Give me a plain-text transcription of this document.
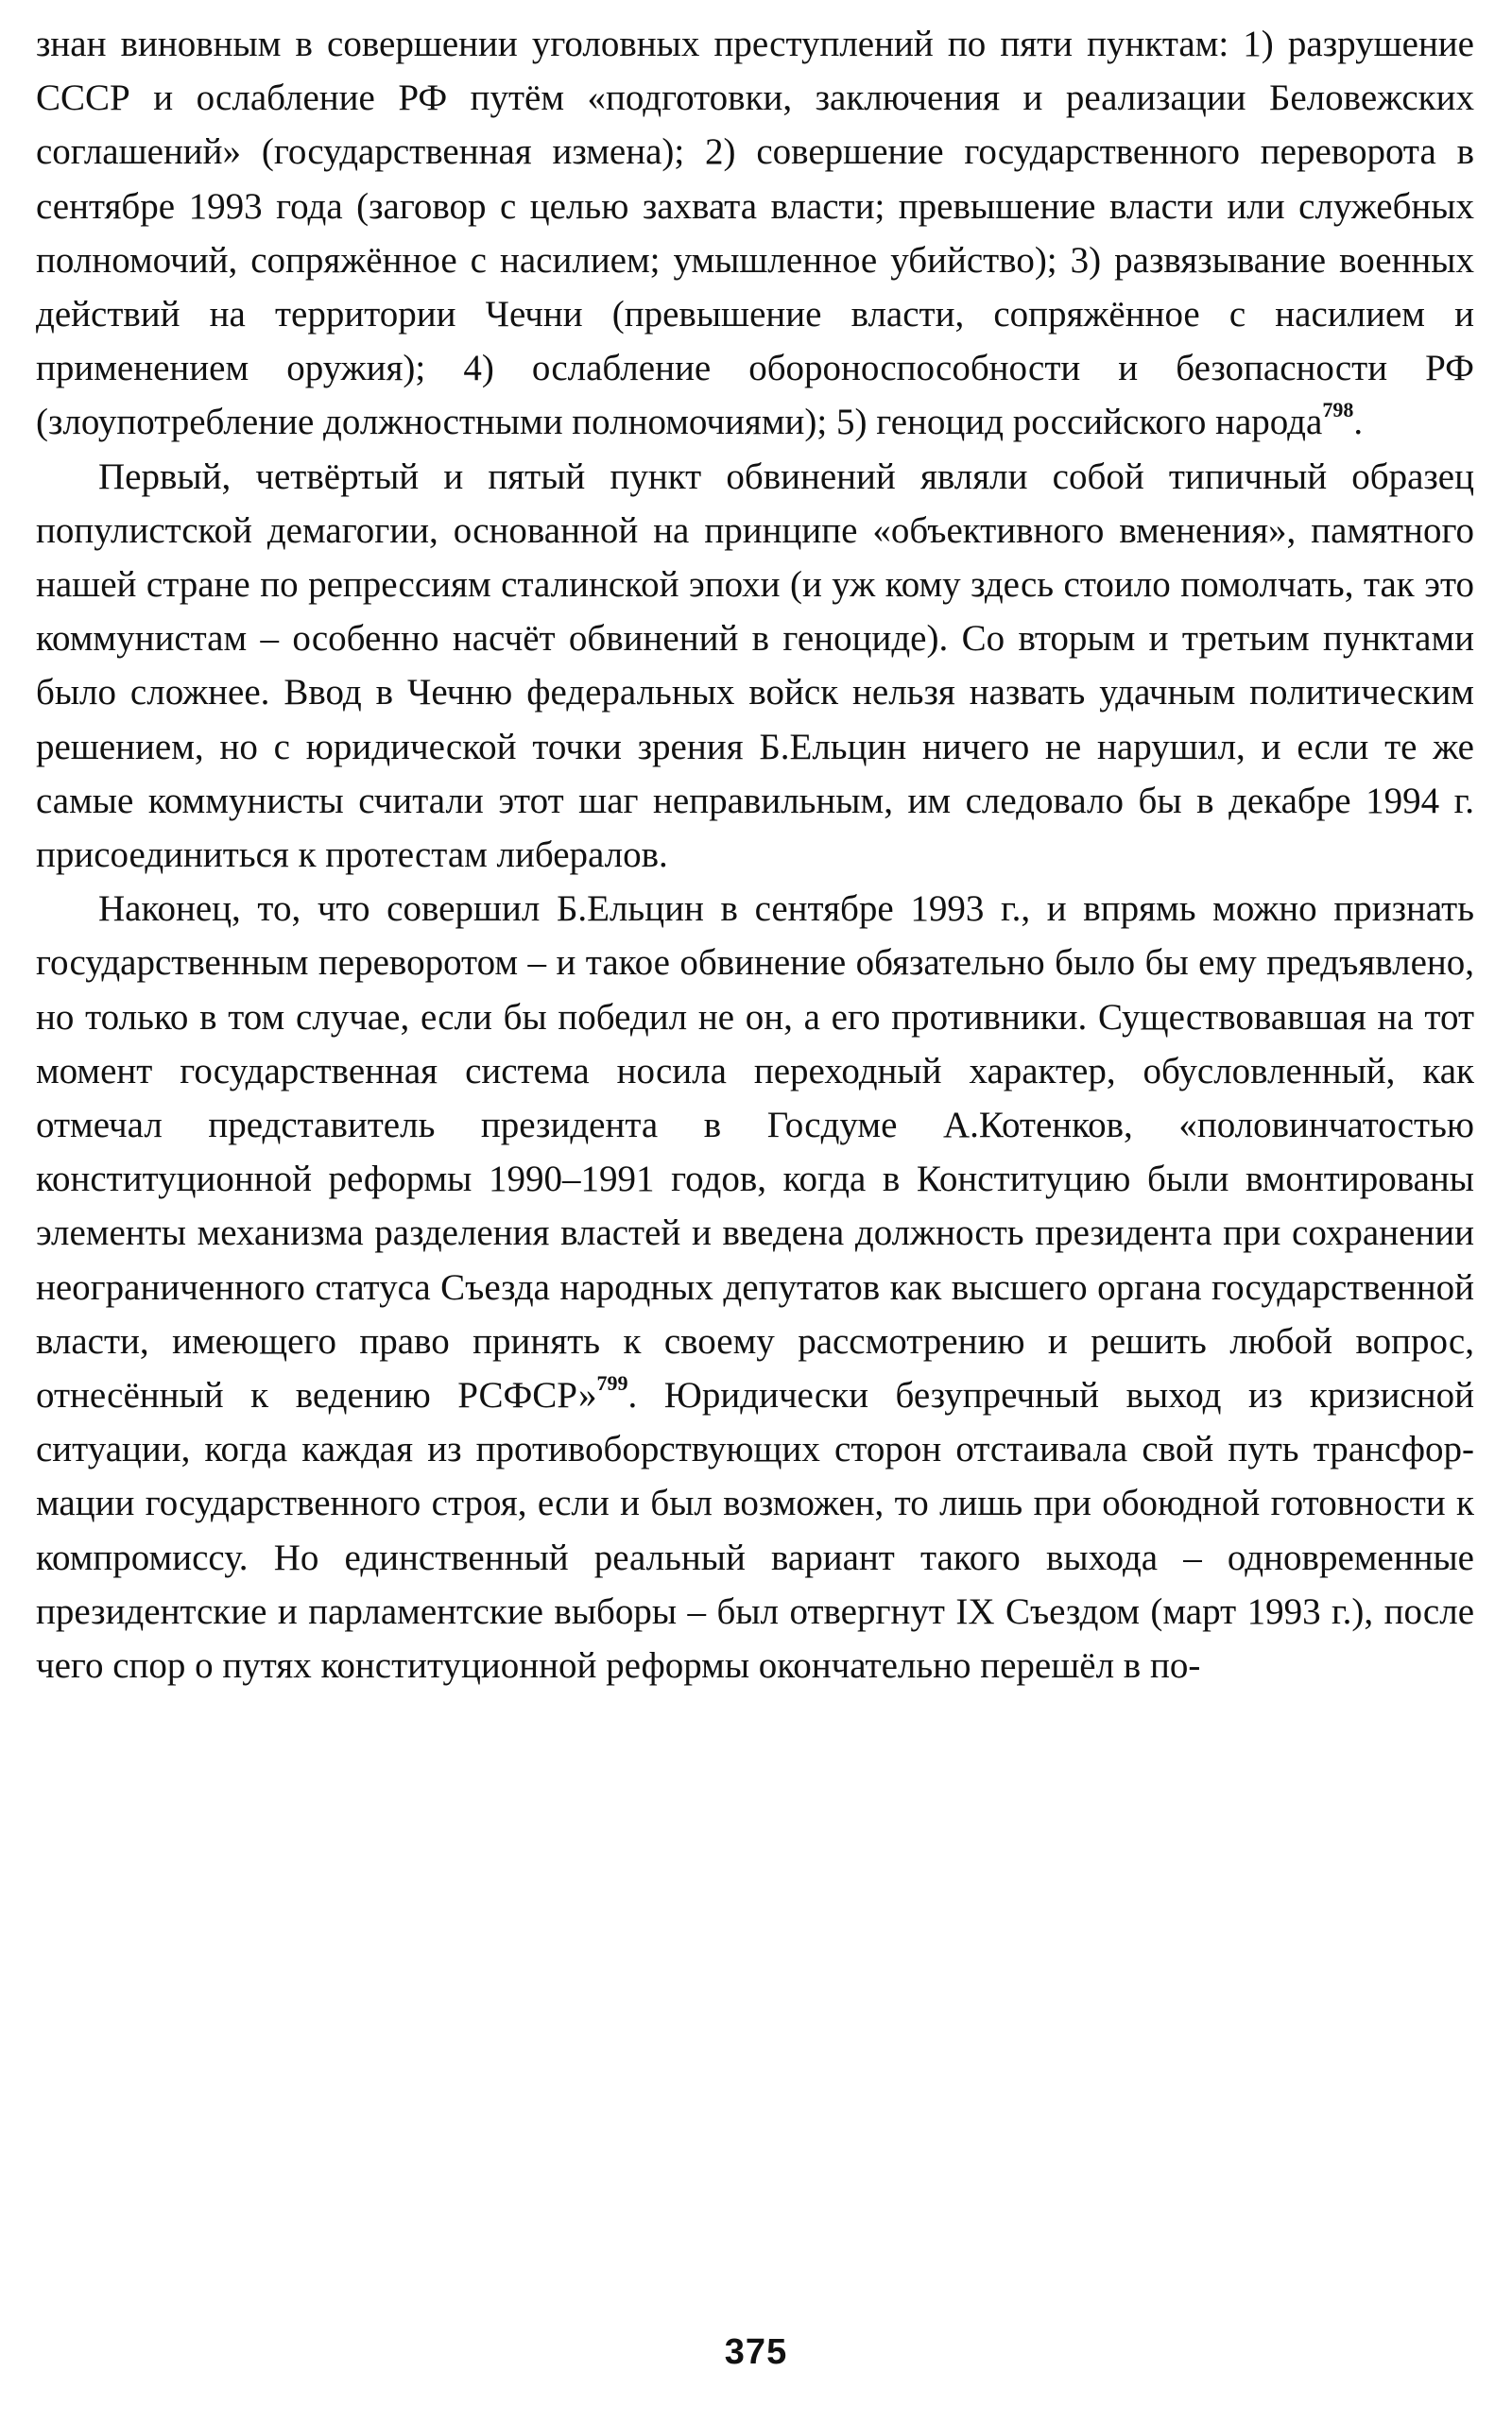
знан виновным в совершении уголовных преступлений по пяти пунктам: 1) разрушение СССР и ослабление РФ путём «подготовки, заключения и реализации Беловежских соглашений» (государственная измена); 2) совершение государственного переворота в сентябре 1993 года (заговор с целью захвата власти; превышение власти или служебных полномочий, сопряжённое с насилием; умышленное убийство); 3) развязывание военных действий на территории Чечни (превышение власти, сопряжённое с насилием и применением оружия); 4) ослабление обороноспособности и безопасности РФ (злоупотребление должностными полномочиями); 5) геноцид российского народа$^{798}$.

Первый, четвёртый и пятый пункт обвинений являли собой типичный образец популистской демагогии, основанной на принципе «объективного вменения», памятного нашей стране по репрессиям сталинской эпохи (и уж кому здесь стоило помолчать, так это коммунистам – особенно насчёт обвинений в геноциде). Со вторым и третьим пунктами было сложнее. Ввод в Чечню федеральных войск нельзя назвать удачным политическим решением, но с юридической точки зрения Б.Ельцин ничего не нарушил, и если те же самые коммунисты считали этот шаг неправильным, им следовало бы в декабре 1994 г. присоединиться к протестам либералов.

Наконец, то, что совершил Б.Ельцин в сентябре 1993 г., и впрямь можно признать государственным переворотом – и такое обвинение обязательно было бы ему предъявлено, но только в том случае, если бы победил не он, а его противники. Существовавшая на тот момент государственная система носила переходный характер, обусловленный, как отмечал представитель президента в Госдуме А.Котенков, «половинчатостью конституционной реформы 1990–1991 годов, когда в Конституцию были вмонтированы элементы механизма разделения властей и введена должность президента при сохранении неограниченного статуса Съезда народных депутатов как высшего органа государственной власти, имеющего право принять к своему рассмотрению и решить любой вопрос, отнесённый к ведению РСФСР»$^{799}$. Юридически безупречный выход из кризисной ситуации, когда каждая из противоборствующих сторон отстаивала свой путь трансформации государственного строя, если и был возможен, то лишь при обоюдной готовности к компромиссу. Но единственный реальный вариант такого выхода – одновременные президентские и парламентские выборы – был отвергнут IX Съездом (март 1993 г.), после чего спор о путях конституционной реформы окончательно перешёл в по-

375
